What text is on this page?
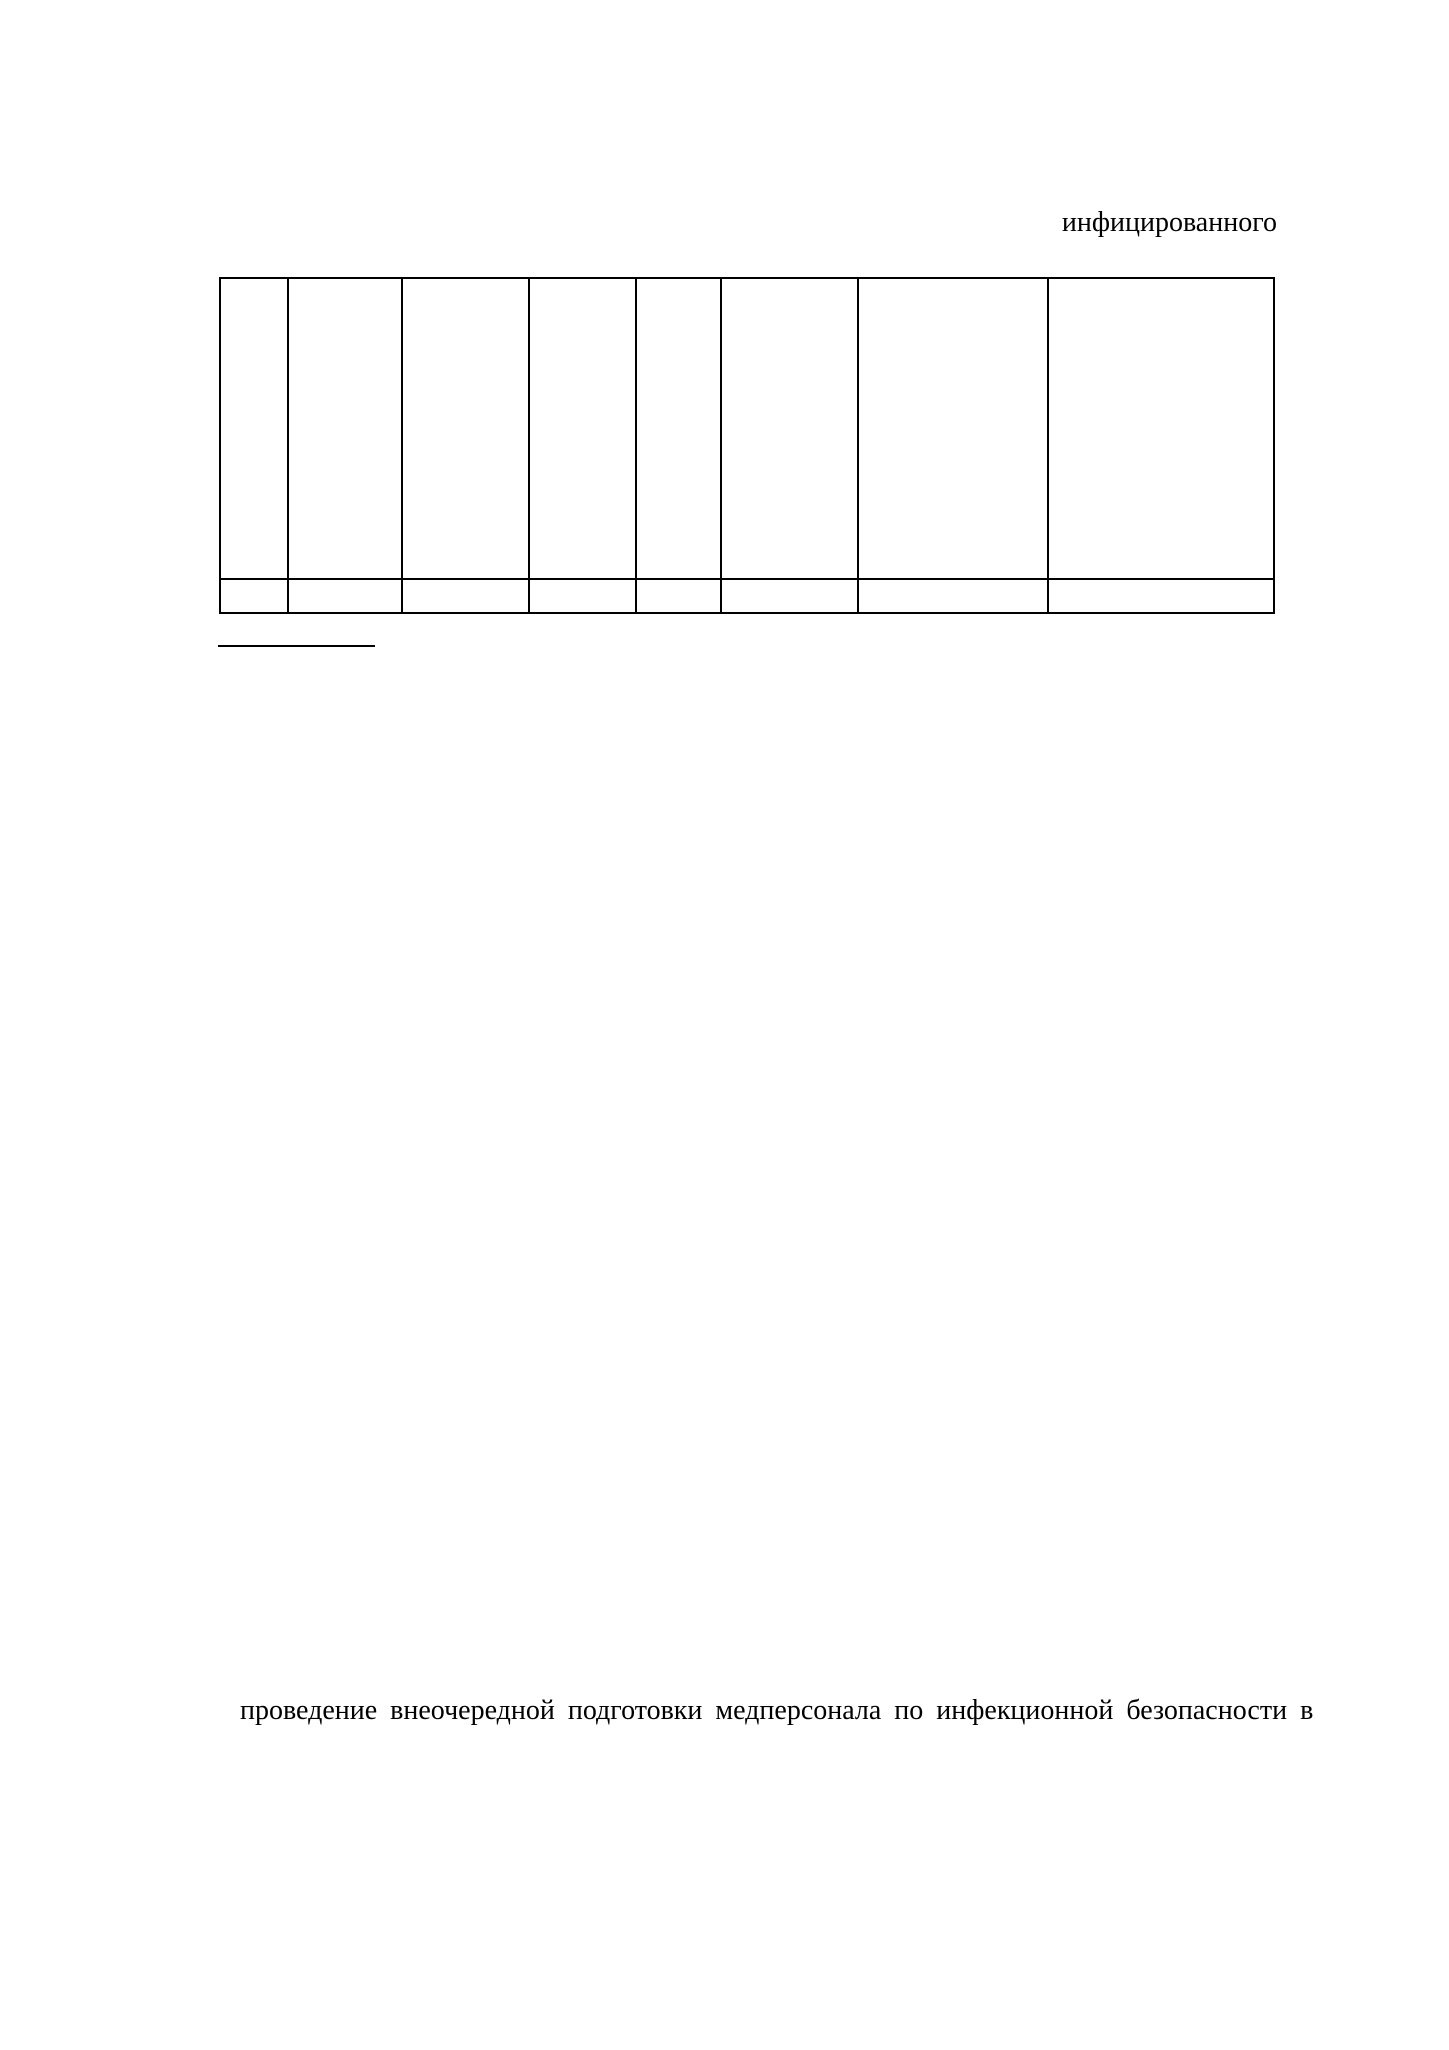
инфицированного

проведение внеочередной подготовки медперсонала по инфекционной безопасности в
